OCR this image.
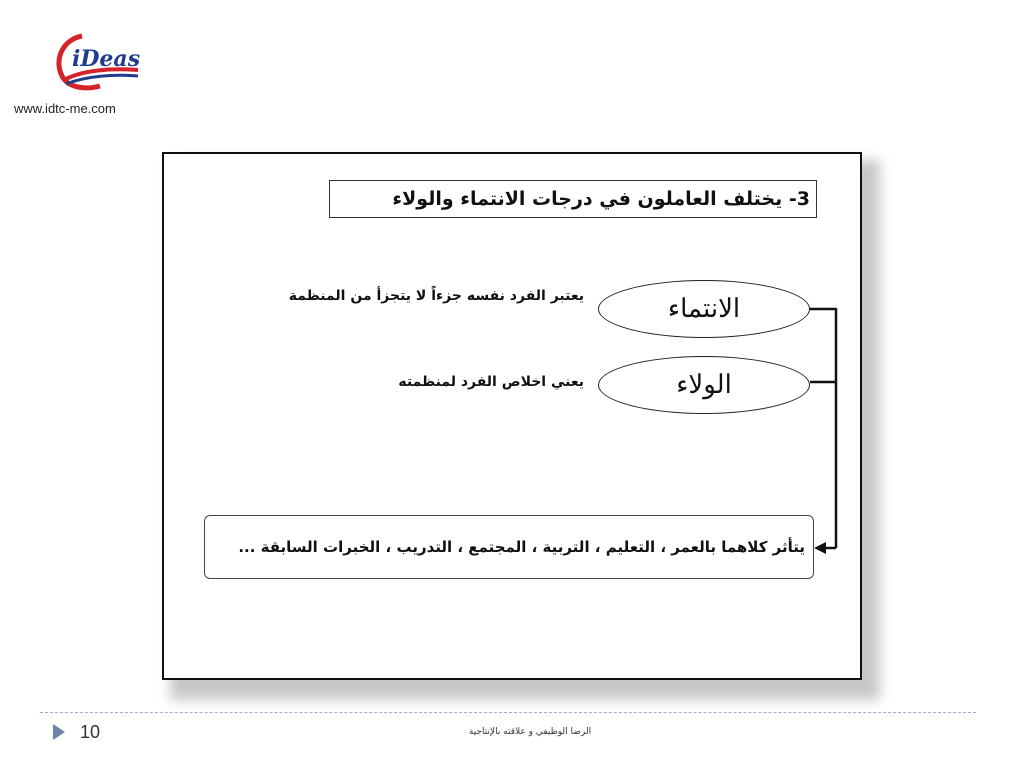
iDeas
www.idtc-me.com
3- يختلف العاملون في درجات الانتماء والولاء
الانتماء
يعتبر الفرد نفسه جزءاً لا يتجزأ من المنظمة
الولاء
يعني اخلاص الفرد لمنظمته
يتأثر كلاهما بالعمر ، التعليم ، التربية ، المجتمع ، التدريب ، الخبرات السابقة ...
10	الرضا الوظيفي و علاقته بالإنتاجية
